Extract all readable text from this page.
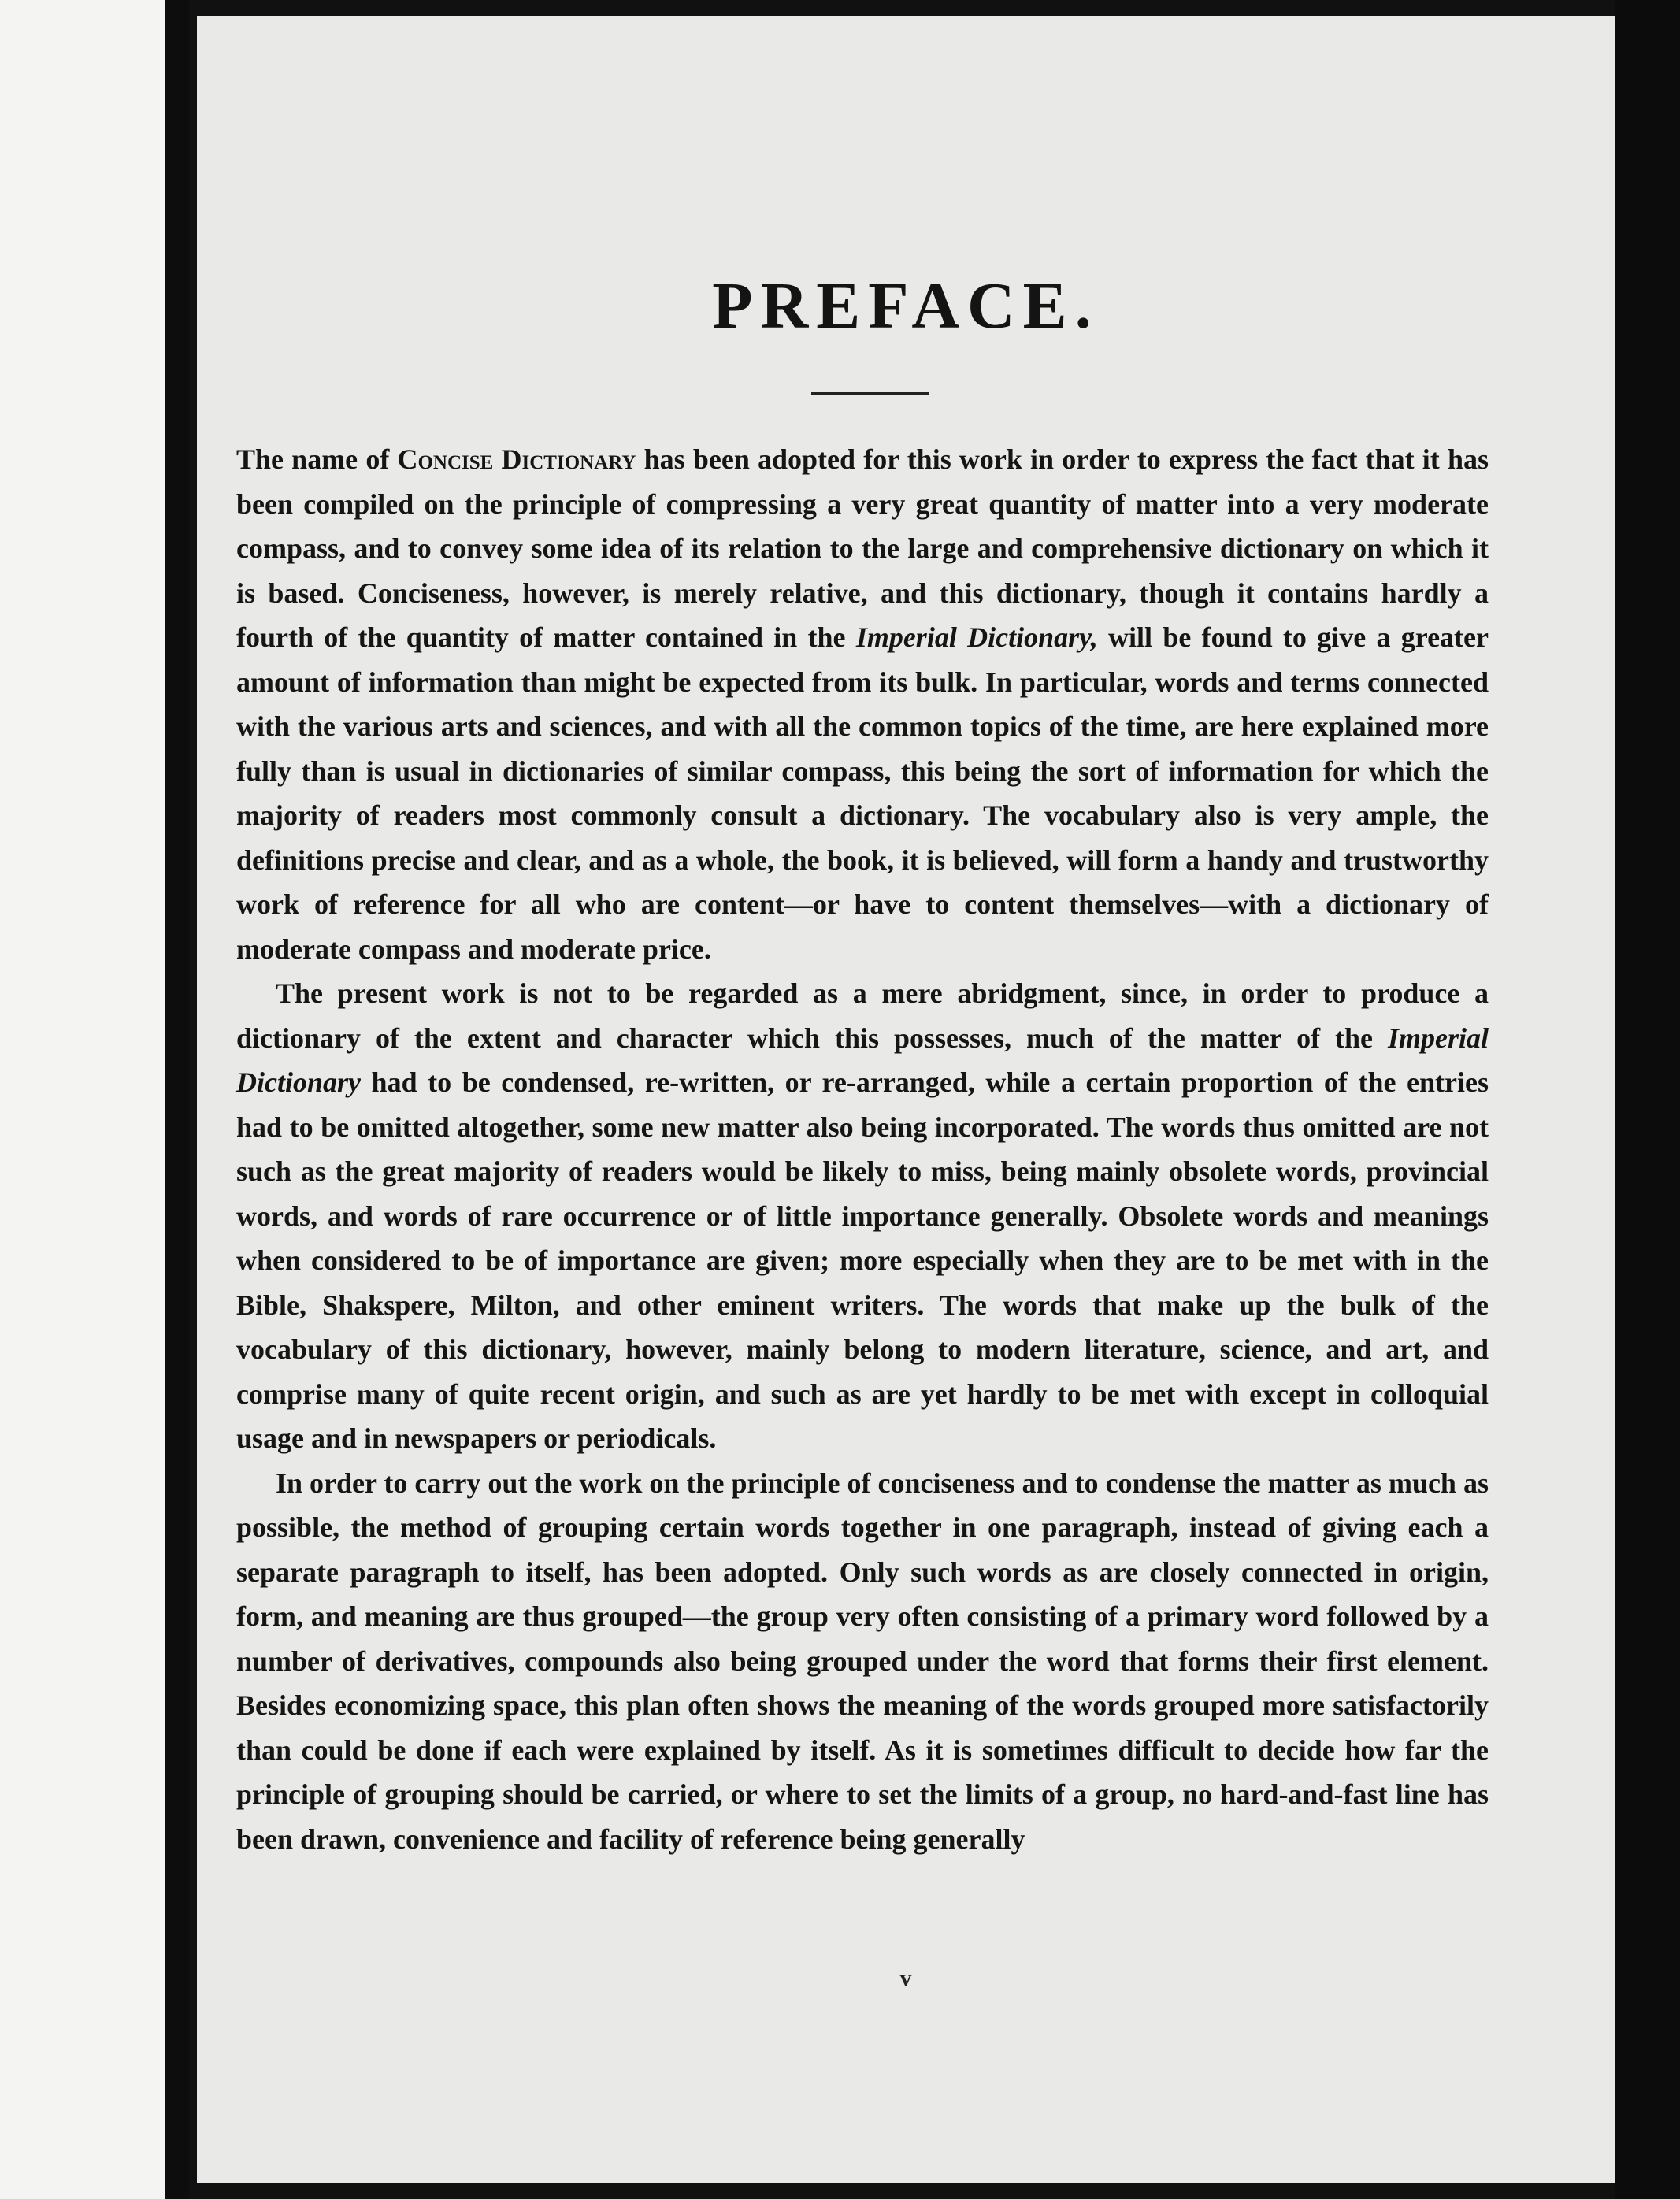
PREFACE.

The name of Concise Dictionary has been adopted for this work in order to express the fact that it has been compiled on the principle of compressing a very great quantity of matter into a very moderate compass, and to convey some idea of its relation to the large and comprehensive dictionary on which it is based. Conciseness, however, is merely relative, and this dictionary, though it contains hardly a fourth of the quantity of matter contained in the Imperial Dictionary, will be found to give a greater amount of information than might be expected from its bulk. In particular, words and terms connected with the various arts and sciences, and with all the common topics of the time, are here explained more fully than is usual in dictionaries of similar compass, this being the sort of information for which the majority of readers most commonly consult a dictionary. The vocabulary also is very ample, the definitions precise and clear, and as a whole, the book, it is believed, will form a handy and trustworthy work of reference for all who are content—or have to content themselves—with a dictionary of moderate compass and moderate price.

The present work is not to be regarded as a mere abridgment, since, in order to produce a dictionary of the extent and character which this possesses, much of the matter of the Imperial Dictionary had to be condensed, re-written, or re-arranged, while a certain proportion of the entries had to be omitted altogether, some new matter also being incorporated. The words thus omitted are not such as the great majority of readers would be likely to miss, being mainly obsolete words, provincial words, and words of rare occurrence or of little importance generally. Obsolete words and meanings when considered to be of importance are given; more especially when they are to be met with in the Bible, Shakspere, Milton, and other eminent writers. The words that make up the bulk of the vocabulary of this dictionary, however, mainly belong to modern literature, science, and art, and comprise many of quite recent origin, and such as are yet hardly to be met with except in colloquial usage and in newspapers or periodicals.

In order to carry out the work on the principle of conciseness and to condense the matter as much as possible, the method of grouping certain words together in one paragraph, instead of giving each a separate paragraph to itself, has been adopted. Only such words as are closely connected in origin, form, and meaning are thus grouped—the group very often consisting of a primary word followed by a number of derivatives, compounds also being grouped under the word that forms their first element. Besides economizing space, this plan often shows the meaning of the words grouped more satisfactorily than could be done if each were explained by itself. As it is sometimes difficult to decide how far the principle of grouping should be carried, or where to set the limits of a group, no hard-and-fast line has been drawn, convenience and facility of reference being generally

v
